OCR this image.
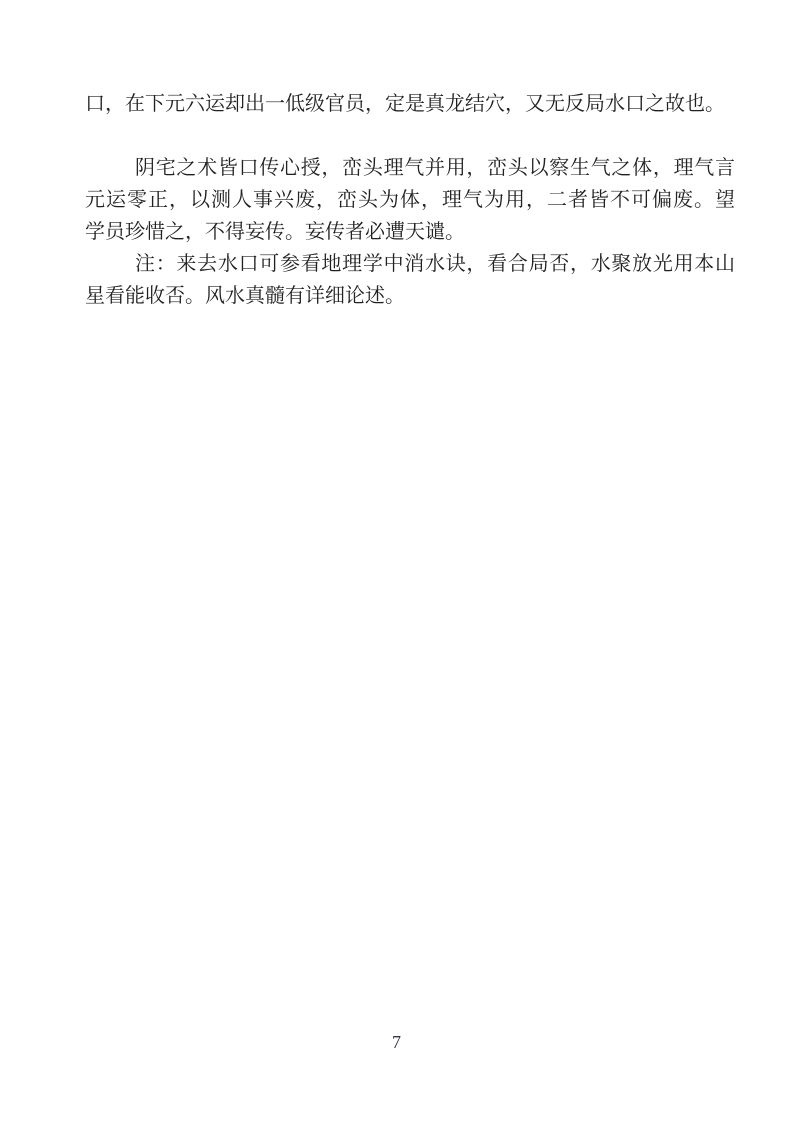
口，在下元六运却出一低级官员，定是真龙结穴，又无反局水口之故也。
阴宅之术皆口传心授，峦头理气并用，峦头以察生气之体，理气言
元运零正，以测人事兴废，峦头为体，理气为用，二者皆不可偏废。望
学员珍惜之，不得妄传。妄传者必遭天谴。
注：来去水口可参看地理学中消水诀，看合局否，水聚放光用本山
星看能收否。风水真髓有详细论述。
7
